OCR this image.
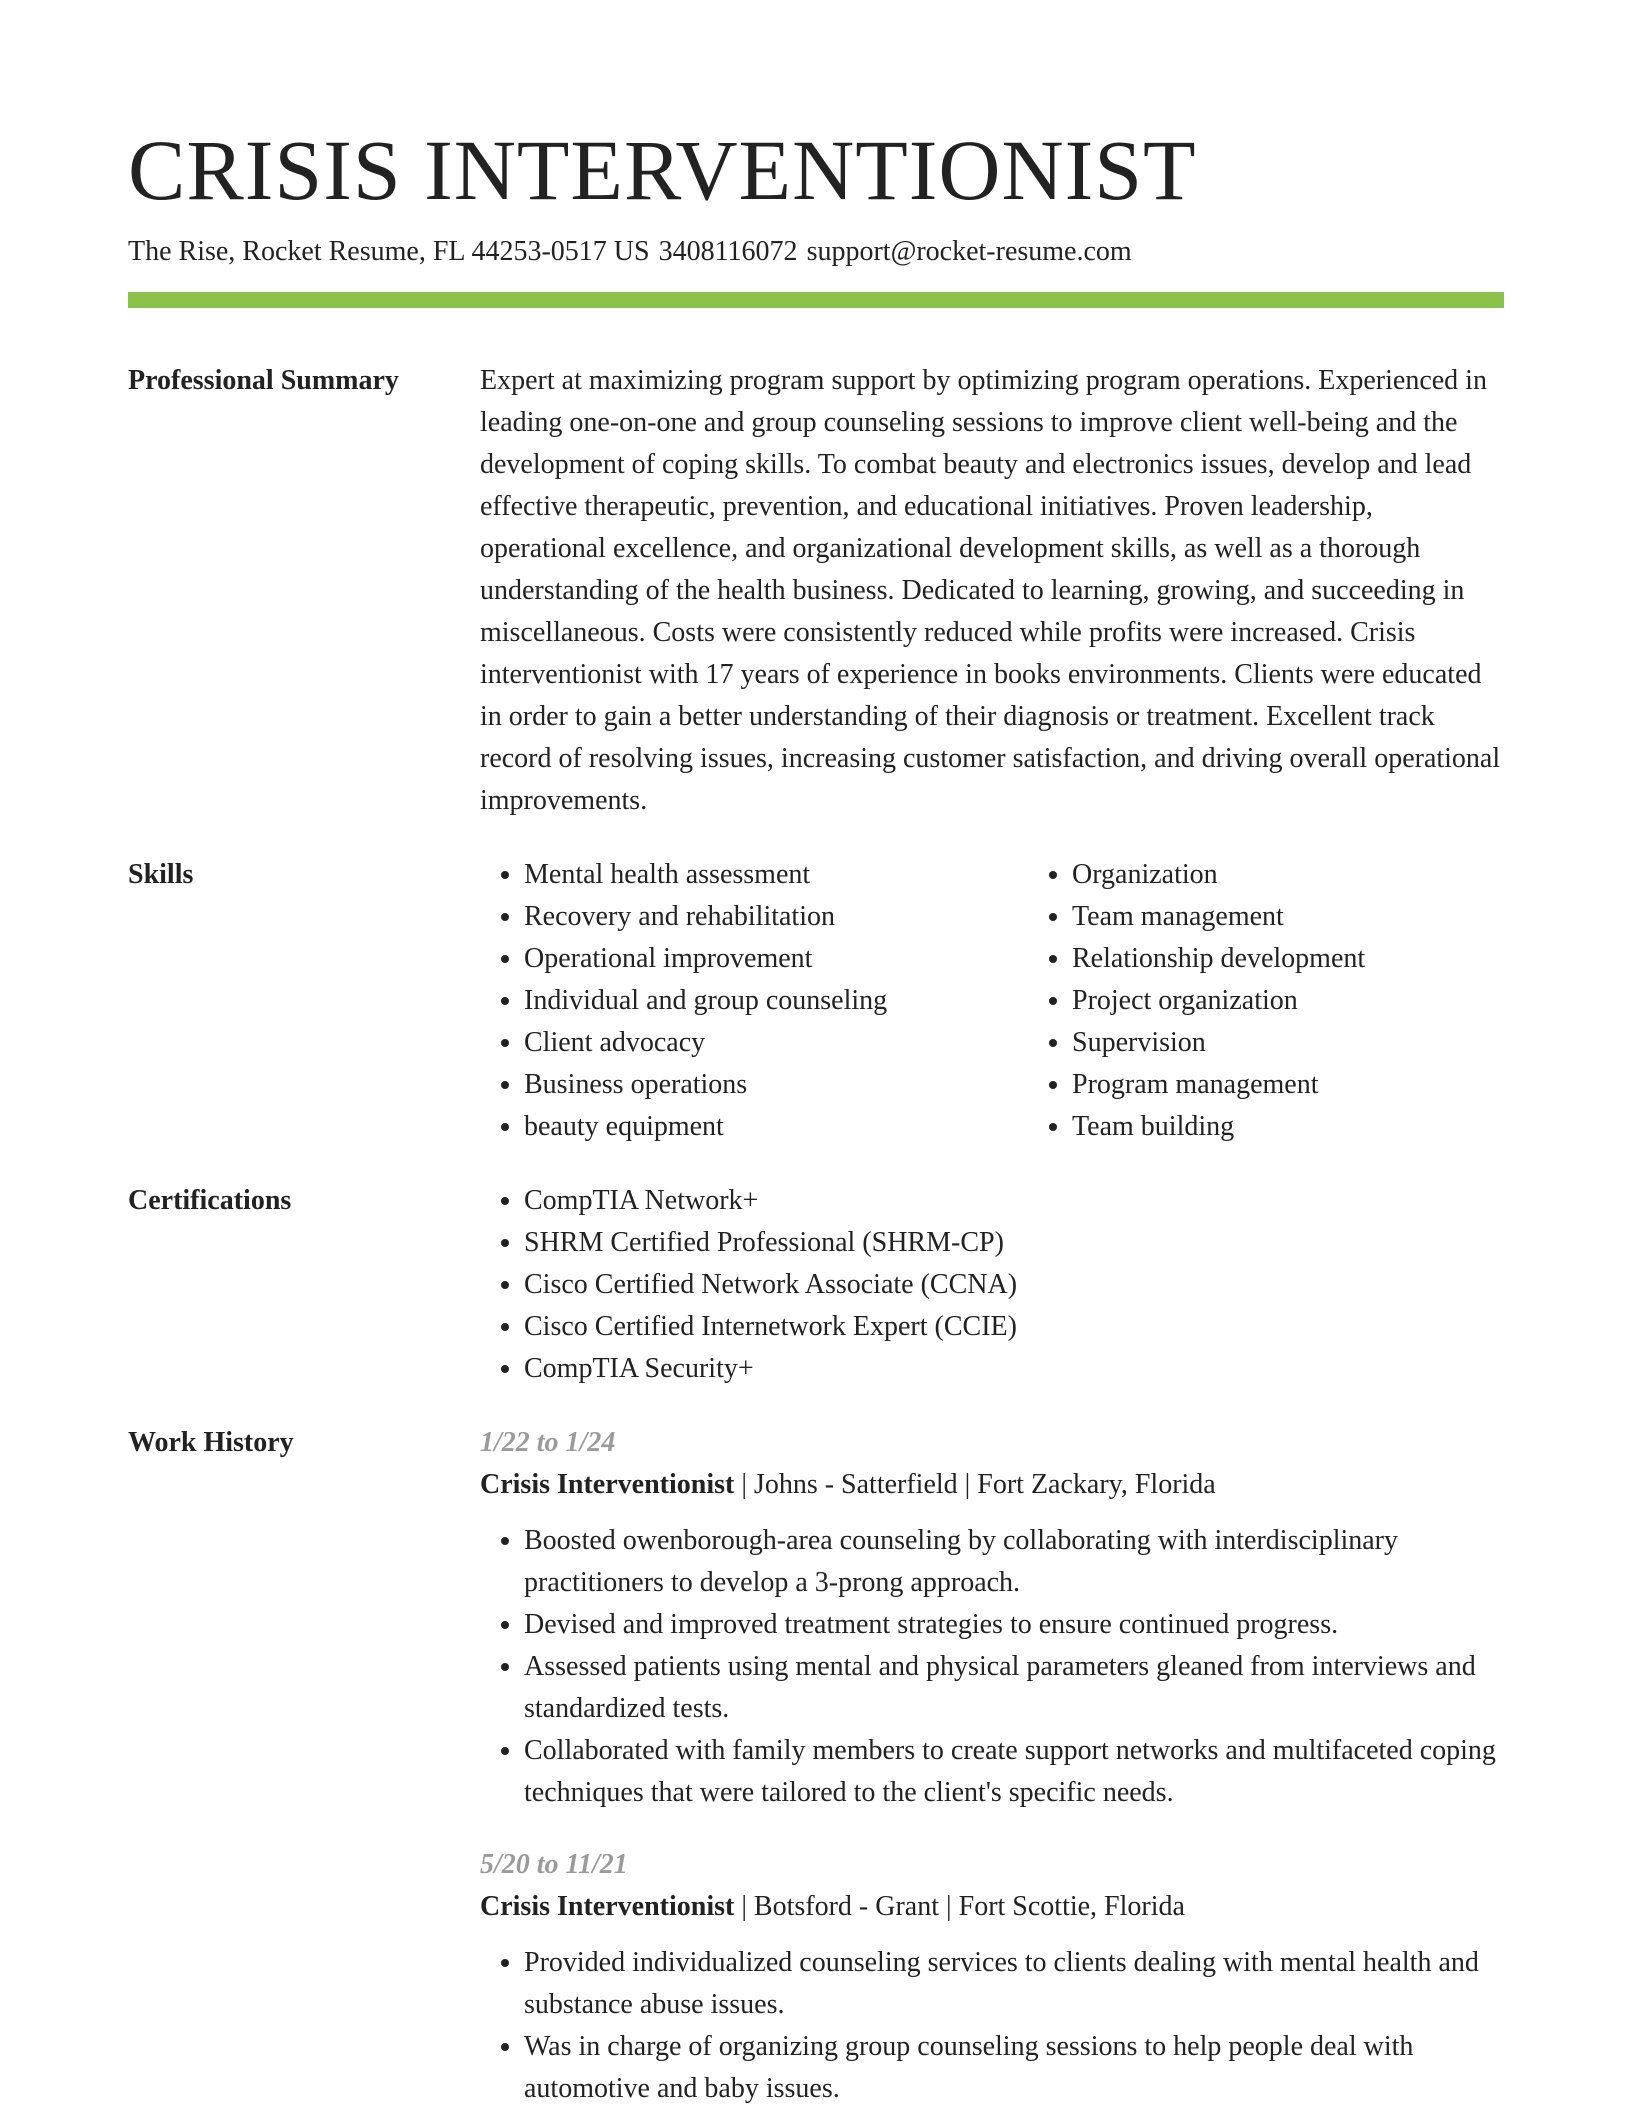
CRISIS INTERVENTIONIST
The Rise, Rocket Resume, FL 44253-0517 US 3408116072 support@rocket-resume.com
Professional Summary	Expert at maximizing program support by optimizing program operations. Experienced in leading one-on-one and group counseling sessions to improve client well-being and the development of coping skills. To combat beauty and electronics issues, develop and lead effective therapeutic, prevention, and educational initiatives. Proven leadership, operational excellence, and organizational development skills, as well as a thorough understanding of the health business. Dedicated to learning, growing, and succeeding in miscellaneous. Costs were consistently reduced while profits were increased. Crisis interventionist with 17 years of experience in books environments. Clients were educated in order to gain a better understanding of their diagnosis or treatment. Excellent track record of resolving issues, increasing customer satisfaction, and driving overall operational improvements.

Skills	• Mental health assessment
• Recovery and rehabilitation
• Operational improvement
• Individual and group counseling
• Client advocacy
• Business operations
• beauty equipment
• Organization
• Team management
• Relationship development
• Project organization
• Supervision
• Program management
• Team building
Certifications	• CompTIA Network+
• SHRM Certified Professional (SHRM-CP)
• Cisco Certified Network Associate (CCNA)
• Cisco Certified Internetwork Expert (CCIE)
• CompTIA Security+
Work History	1/22 to 1/24
Crisis Interventionist | Johns - Satterfield | Fort Zackary, Florida
• Boosted owenborough-area counseling by collaborating with interdisciplinary practitioners to develop a 3-prong approach.
• Devised and improved treatment strategies to ensure continued progress.
• Assessed patients using mental and physical parameters gleaned from interviews and standardized tests.
• Collaborated with family members to create support networks and multifaceted coping techniques that were tailored to the client's specific needs.
5/20 to 11/21
Crisis Interventionist | Botsford - Grant | Fort Scottie, Florida
• Provided individualized counseling services to clients dealing with mental health and substance abuse issues.
• Was in charge of organizing group counseling sessions to help people deal with automotive and baby issues.
